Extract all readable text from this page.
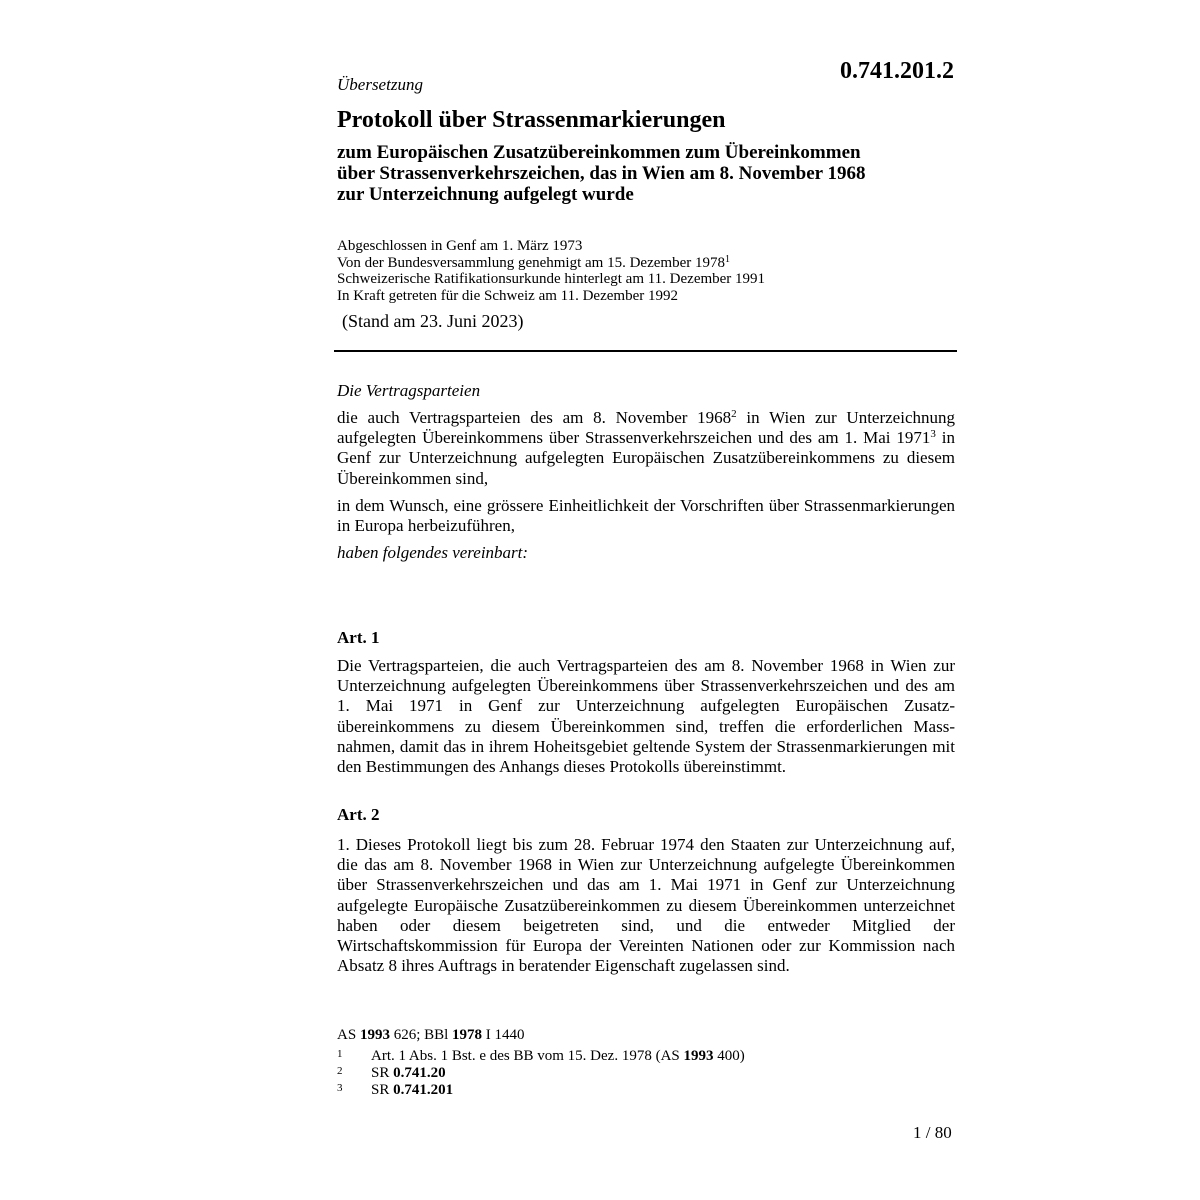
0.741.201.2
Übersetzung
Protokoll über Strassenmarkierungen
zum Europäischen Zusatzübereinkommen zum Übereinkommen
über Strassenverkehrszeichen, das in Wien am 8. November 1968
zur Unterzeichnung aufgelegt wurde
Abgeschlossen in Genf am 1. März 1973
Von der Bundesversammlung genehmigt am 15. Dezember 1978$^1$
Schweizerische Ratifikationsurkunde hinterlegt am 11. Dezember 1991
In Kraft getreten für die Schweiz am 11. Dezember 1992
(Stand am 23. Juni 2023)
Die Vertragsparteien
die auch Vertragsparteien des am 8. November 1968$^2$ in Wien zur Unterzeichnung aufgelegten Übereinkommens über Strassenverkehrszeichen und des am 1. Mai 1971$^3$ in Genf zur Unterzeichnung aufgelegten Europäischen Zusatzübereinkommens zu diesem Übereinkommen sind,
in dem Wunsch, eine grössere Einheitlichkeit der Vorschriften über Strassenmarkierungen in Europa herbeizuführen,
haben folgendes vereinbart:
Art. 1
Die Vertragsparteien, die auch Vertragsparteien des am 8. November 1968 in Wien zur Unterzeichnung aufgelegten Übereinkommens über Strassenverkehrszeichen und des am 1. Mai 1971 in Genf zur Unterzeichnung aufgelegten Europäischen Zusatzübereinkommens zu diesem Übereinkommen sind, treffen die erforderlichen Massnahmen, damit das in ihrem Hoheitsgebiet geltende System der Strassenmarkierungen mit den Bestimmungen des Anhangs dieses Protokolls übereinstimmt.
Art. 2
1. Dieses Protokoll liegt bis zum 28. Februar 1974 den Staaten zur Unterzeichnung auf, die das am 8. November 1968 in Wien zur Unterzeichnung aufgelegte Übereinkommen über Strassenverkehrszeichen und das am 1. Mai 1971 in Genf zur Unterzeichnung aufgelegte Europäische Zusatzübereinkommen zu diesem Übereinkommen unterzeichnet haben oder diesem beigetreten sind, und die entweder Mitglied der Wirtschaftskommission für Europa der Vereinten Nationen oder zur Kommission nach Absatz 8 ihres Auftrags in beratender Eigenschaft zugelassen sind.
AS 1993 626; BBl 1978 I 1440
1 Art. 1 Abs. 1 Bst. e des BB vom 15. Dez. 1978 (AS 1993 400)
2 SR 0.741.20
3 SR 0.741.201
1 / 80
